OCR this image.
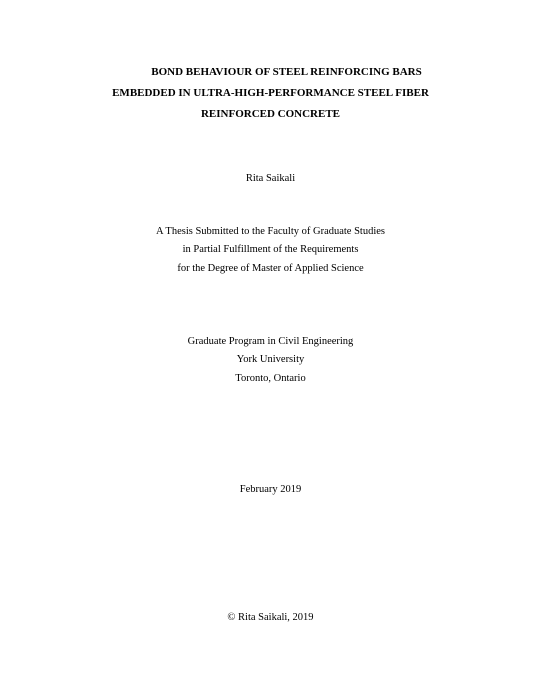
BOND BEHAVIOUR OF STEEL REINFORCING BARS
EMBEDDED IN ULTRA-HIGH-PERFORMANCE STEEL FIBER
REINFORCED CONCRETE
Rita Saikali
A Thesis Submitted to the Faculty of Graduate Studies
in Partial Fulfillment of the Requirements
for the Degree of Master of Applied Science
Graduate Program in Civil Engineering
York University
Toronto, Ontario
February 2019
© Rita Saikali, 2019
